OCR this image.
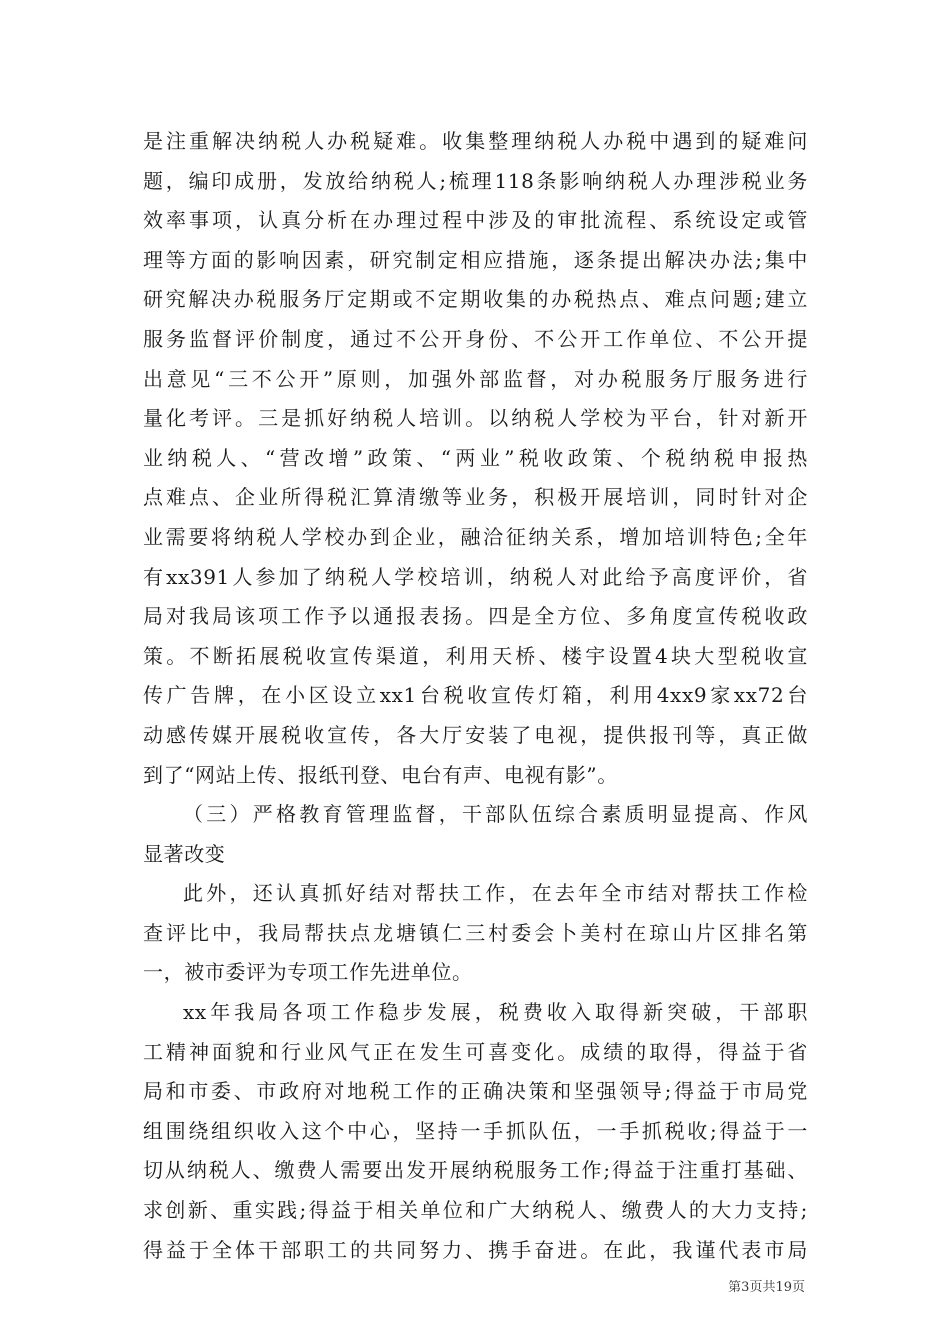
是注重解决纳税人办税疑难。收集整理纳税人办税中遇到的疑难问
题，编印成册，发放给纳税人;梳理118条影响纳税人办理涉税业务
效率事项，认真分析在办理过程中涉及的审批流程、系统设定或管
理等方面的影响因素，研究制定相应措施，逐条提出解决办法;集中
研究解决办税服务厅定期或不定期收集的办税热点、难点问题;建立
服务监督评价制度，通过不公开身份、不公开工作单位、不公开提
出意见“三不公开”原则，加强外部监督，对办税服务厅服务进行
量化考评。三是抓好纳税人培训。以纳税人学校为平台，针对新开
业纳税人、“营改增”政策、“两业”税收政策、个税纳税申报热
点难点、企业所得税汇算清缴等业务，积极开展培训，同时针对企
业需要将纳税人学校办到企业，融洽征纳关系，增加培训特色;全年
有xx391人参加了纳税人学校培训，纳税人对此给予高度评价，省
局对我局该项工作予以通报表扬。四是全方位、多角度宣传税收政
策。不断拓展税收宣传渠道，利用天桥、楼宇设置4块大型税收宣
传广告牌，在小区设立xx1台税收宣传灯箱，利用4xx9家xx72台
动感传媒开展税收宣传，各大厅安装了电视，提供报刊等，真正做
到了“网站上传、报纸刊登、电台有声、电视有影”。
（三）严格教育管理监督，干部队伍综合素质明显提高、作风
显著改变
此外，还认真抓好结对帮扶工作，在去年全市结对帮扶工作检
查评比中，我局帮扶点龙塘镇仁三村委会卜美村在琼山片区排名第
一，被市委评为专项工作先进单位。
xx年我局各项工作稳步发展，税费收入取得新突破，干部职
工精神面貌和行业风气正在发生可喜变化。成绩的取得，得益于省
局和市委、市政府对地税工作的正确决策和坚强领导;得益于市局党
组围绕组织收入这个中心，坚持一手抓队伍，一手抓税收;得益于一
切从纳税人、缴费人需要出发开展纳税服务工作;得益于注重打基础、
求创新、重实践;得益于相关单位和广大纳税人、缴费人的大力支持;
得益于全体干部职工的共同努力、携手奋进。在此，我谨代表市局
第3页共19页
